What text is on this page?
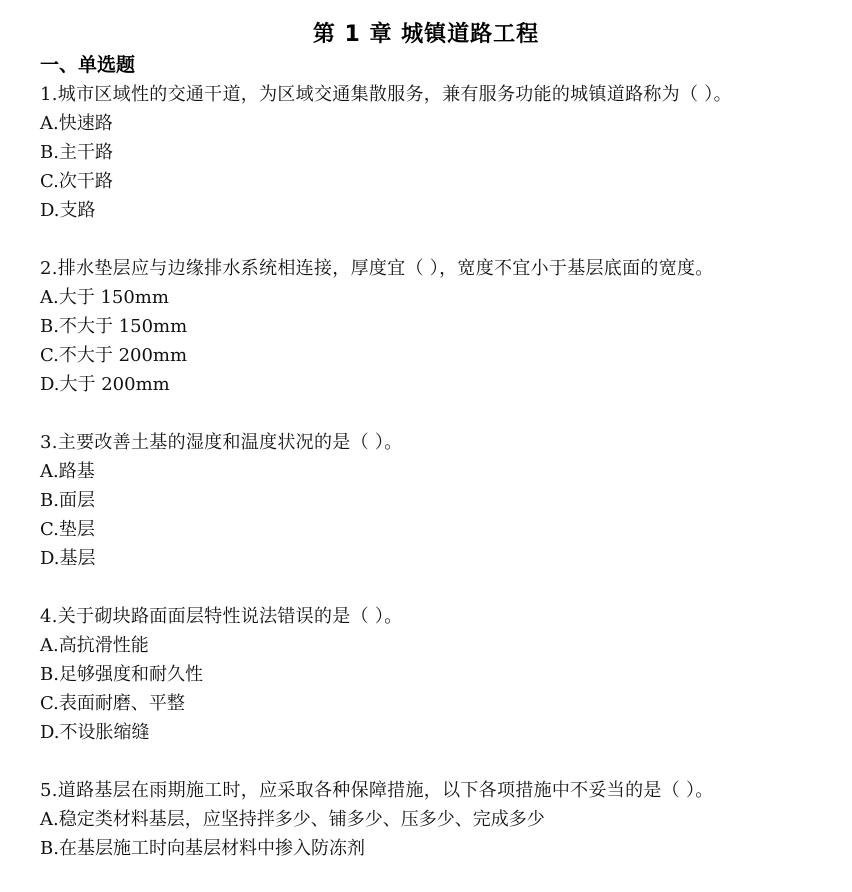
第 1 章 城镇道路工程
一、单选题
1.城市区域性的交通干道，为区域交通集散服务，兼有服务功能的城镇道路称为（ ）。
A.快速路
B.主干路
C.次干路
D.支路
2.排水垫层应与边缘排水系统相连接，厚度宜（ ），宽度不宜小于基层底面的宽度。
A.大于 150mm
B.不大于 150mm
C.不大于 200mm
D.大于 200mm
3.主要改善土基的湿度和温度状况的是（ ）。
A.路基
B.面层
C.垫层
D.基层
4.关于砌块路面面层特性说法错误的是（ ）。
A.高抗滑性能
B.足够强度和耐久性
C.表面耐磨、平整
D.不设胀缩缝
5.道路基层在雨期施工时，应采取各种保障措施，以下各项措施中不妥当的是（ ）。
A.稳定类材料基层，应坚持拌多少、铺多少、压多少、完成多少
B.在基层施工时向基层材料中掺入防冻剂
